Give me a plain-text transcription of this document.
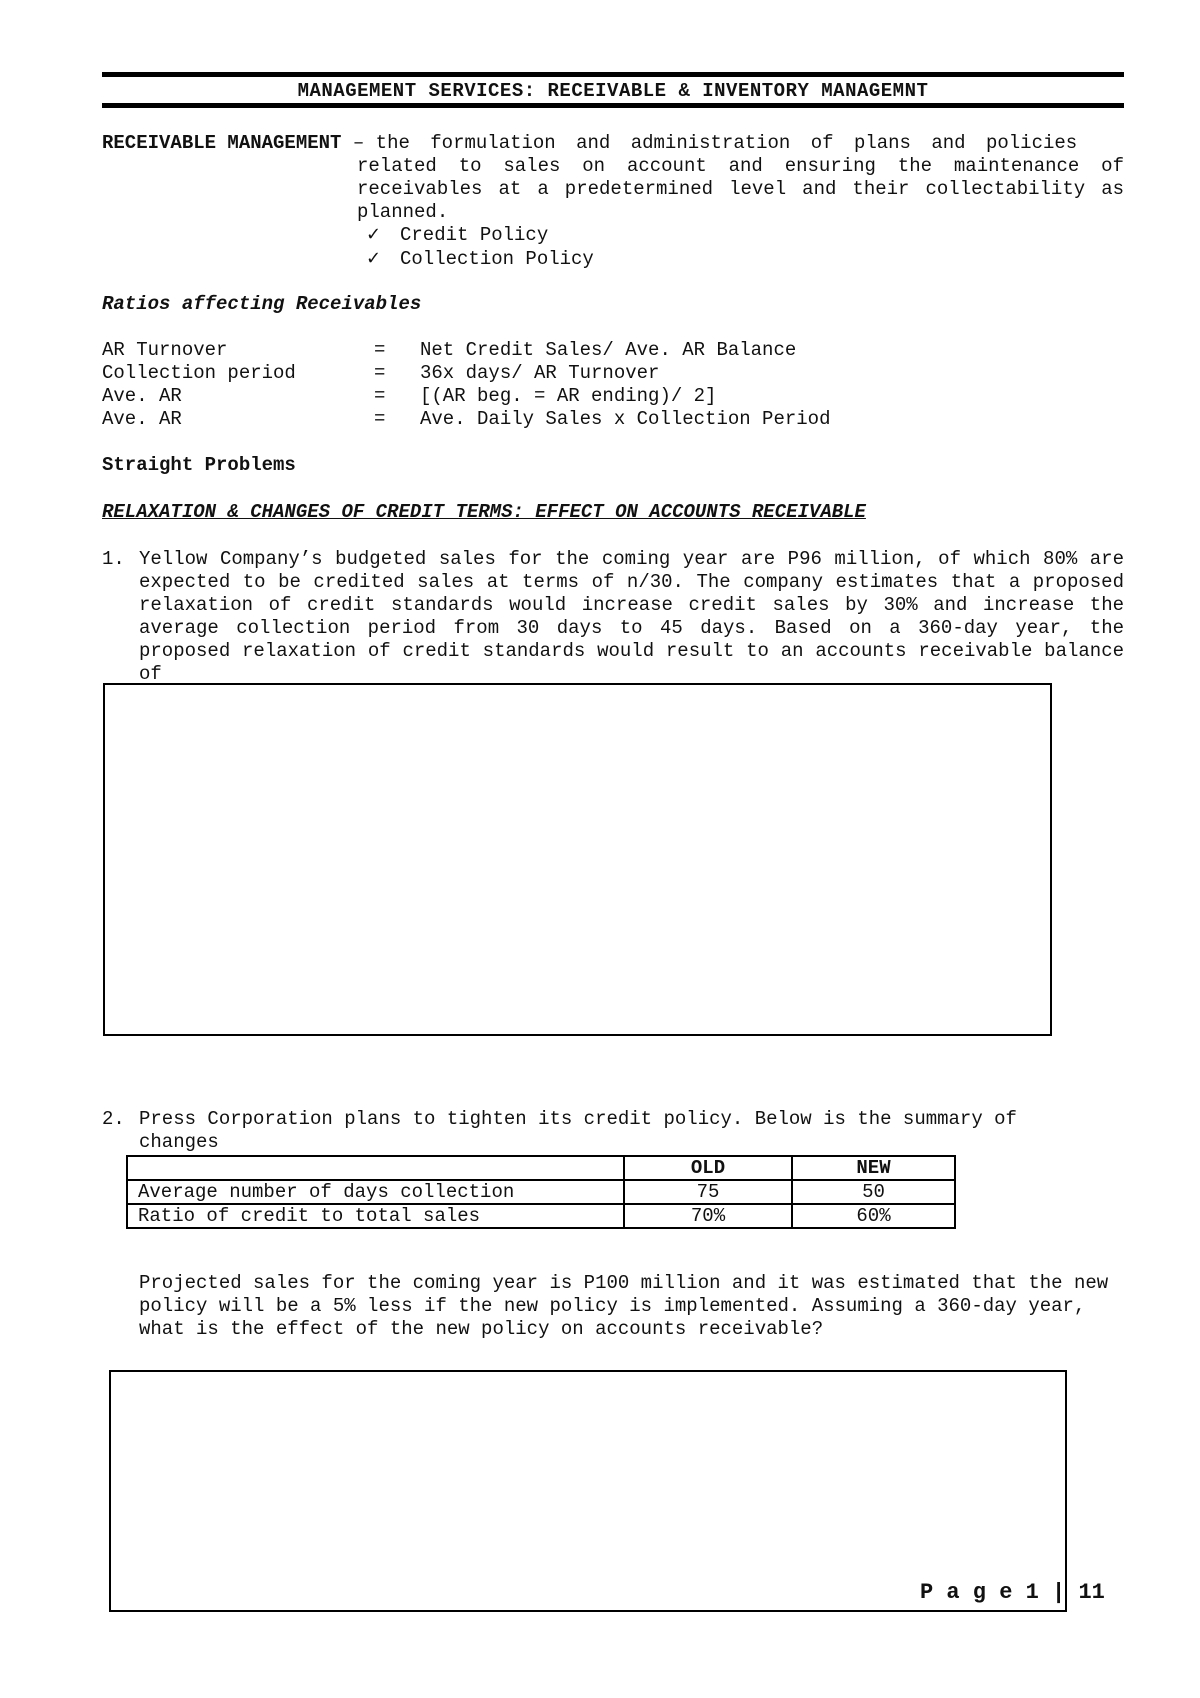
MANAGEMENT SERVICES: RECEIVABLE & INVENTORY MANAGEMNT
RECEIVABLE MANAGEMENT – the formulation and administration of plans and policies
related to sales on account and ensuring the maintenance of receivables at a predetermined level and their collectability as planned.
✓ Credit Policy
✓ Collection Policy
Ratios affecting Receivables
AR Turnover	= Net Credit Sales/ Ave. AR Balance
Collection period	= 36x days/ AR Turnover
Ave. AR	= [(AR beg. = AR ending)/ 2]
Ave. AR	= Ave. Daily Sales x Collection Period
Straight Problems
RELAXATION & CHANGES OF CREDIT TERMS: EFFECT ON ACCOUNTS RECEIVABLE
1. Yellow Company’s budgeted sales for the coming year are P96 million, of which 80% are expected to be credited sales at terms of n/30. The company estimates that a proposed relaxation of credit standards would increase credit sales by 30% and increase the average collection period from 30 days to 45 days. Based on a 360-day year, the proposed relaxation of credit standards would result to an accounts receivable balance of
2. Press Corporation plans to tighten its credit policy. Below is the summary of changes
	OLD	NEW
Average number of days collection	75	50
Ratio of credit to total sales	70%	60%
Projected sales for the coming year is P100 million and it was estimated that the new policy will be a 5% less if the new policy is implemented. Assuming a 360-day year, what is the effect of the new policy on accounts receivable?
P a g e 1 | 11
